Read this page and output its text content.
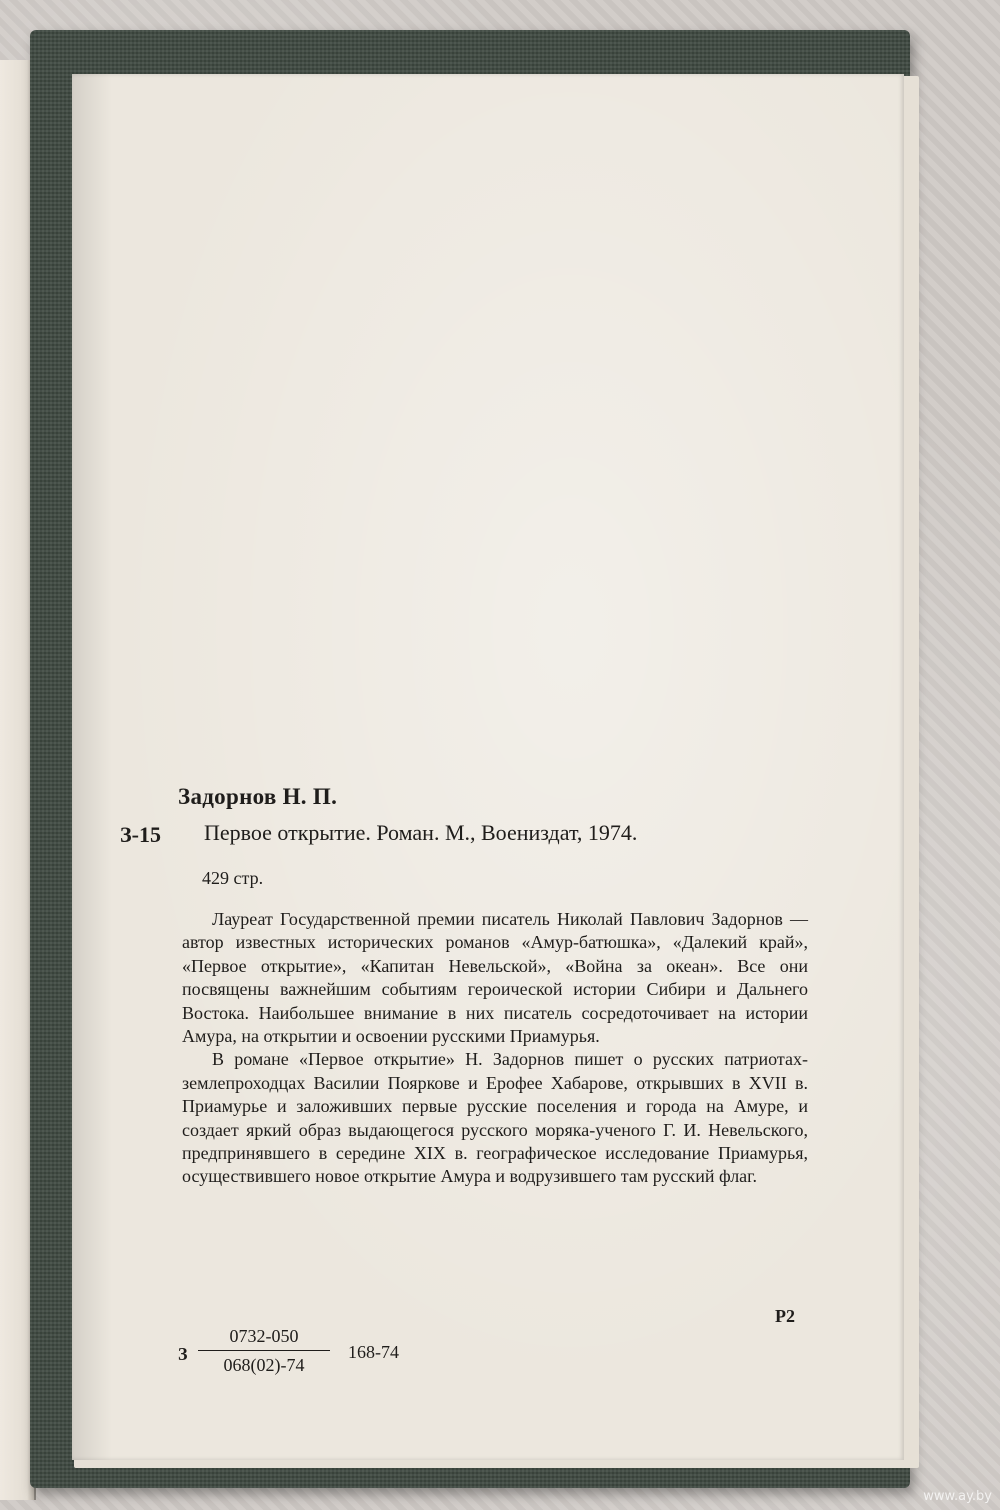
Задорнов Н. П.
З-15 Первое открытие. Роман. М., Воениздат, 1974.
429 стр.

Лауреат Государственной премии писатель Николай Павлович Задорнов — автор известных исторических романов «Амур-батюшка», «Далекий край», «Первое открытие», «Капитан Невельской», «Война за океан». Все они посвящены важнейшим событиям героической истории Сибири и Дальнего Востока. Наибольшее внимание в них писатель сосредоточивает на истории Амура, на открытии и освоении русскими Приамурья.

В романе «Первое открытие» Н. Задорнов пишет о русских патриотах-землепроходцах Василии Пояркове и Ерофее Хабарове, открывших в XVII в. Приамурье и заложивших первые русские поселения и города на Амуре, и создает яркий образ выдающегося русского моряка-ученого Г. И. Невельского, предпринявшего в середине XIX в. географическое исследование Приамурья, осуществившего новое открытие Амура и водрузившего там русский флаг.

Р2
З $\frac{0732-050}{068(02)-74} 168-74$
www.ay.by
